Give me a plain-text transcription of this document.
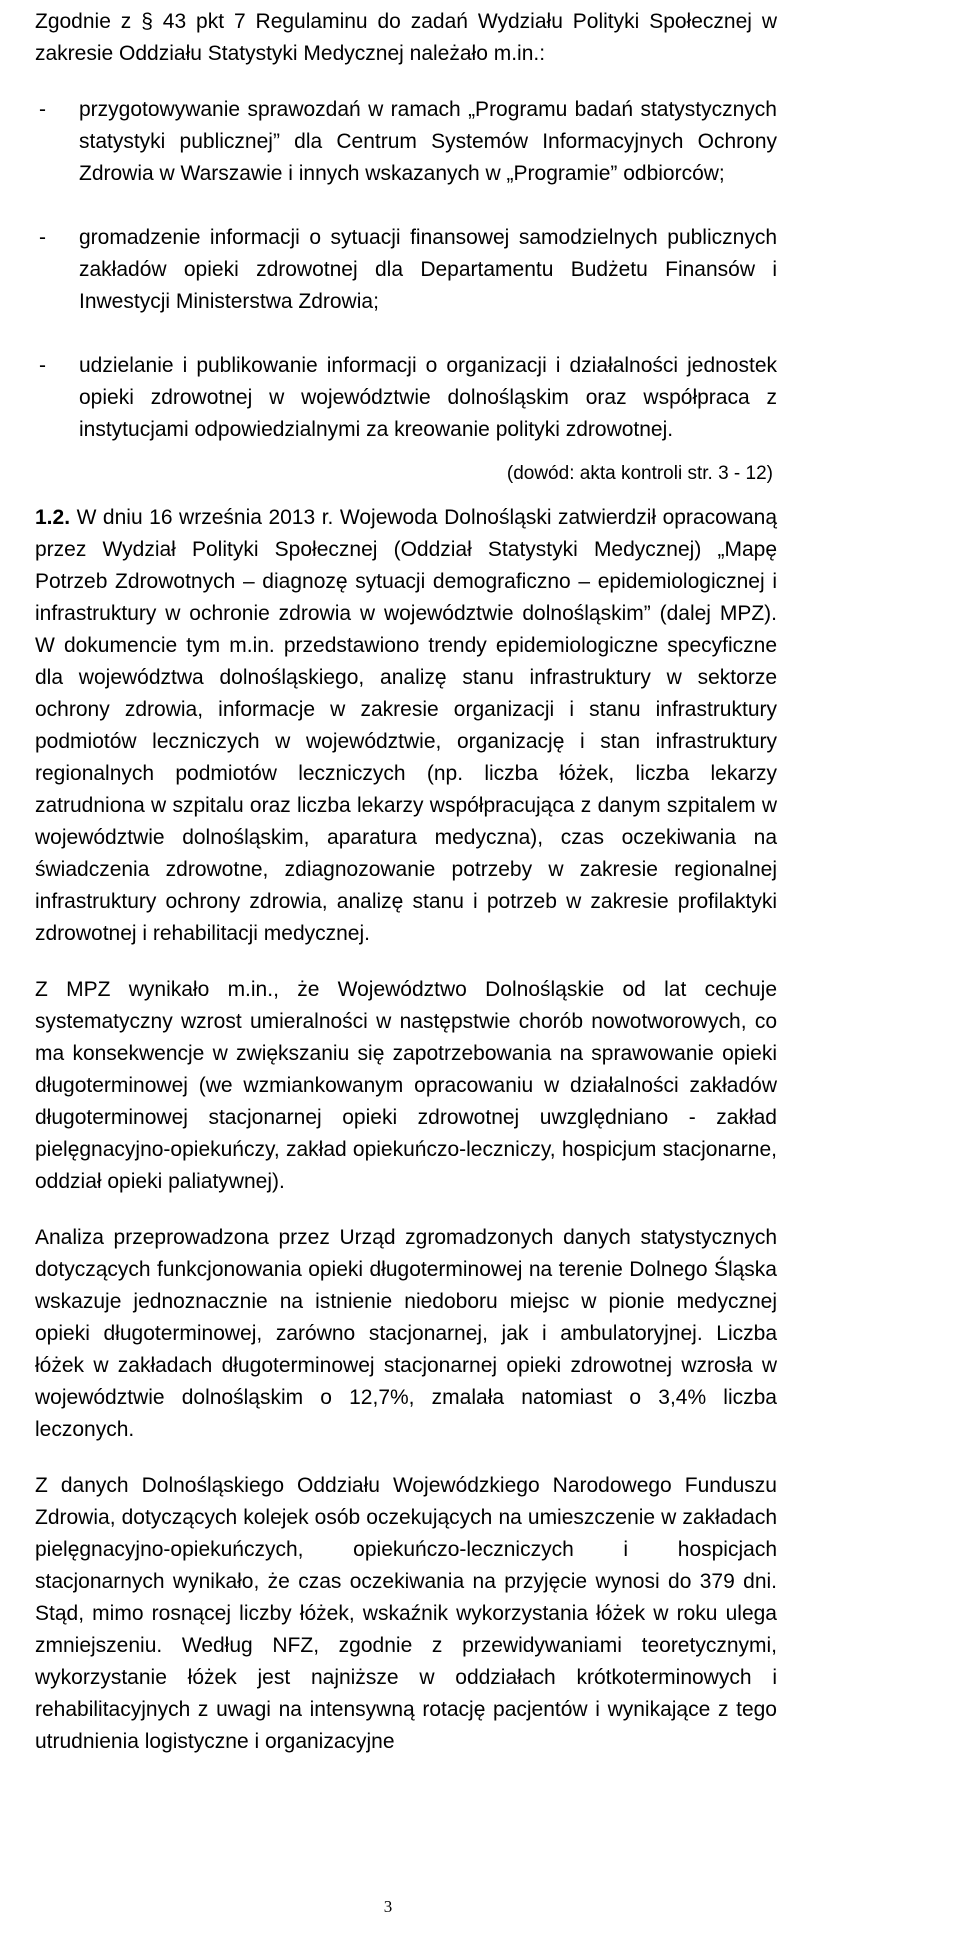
Zgodnie z § 43 pkt 7 Regulaminu do zadań Wydziału Polityki Społecznej w zakresie Oddziału Statystyki Medycznej należało m.in.:

- przygotowywanie sprawozdań w ramach „Programu badań statystycznych statystyki publicznej” dla Centrum Systemów Informacyjnych Ochrony Zdrowia w Warszawie i innych wskazanych w „Programie” odbiorców;
- gromadzenie informacji o sytuacji finansowej samodzielnych publicznych zakładów opieki zdrowotnej dla Departamentu Budżetu Finansów i Inwestycji Ministerstwa Zdrowia;
- udzielanie i publikowanie informacji o organizacji i działalności jednostek opieki zdrowotnej w województwie dolnośląskim oraz współpraca z instytucjami odpowiedzialnymi za kreowanie polityki zdrowotnej.
(dowód: akta kontroli str. 3 - 12)

1.2. W dniu 16 września 2013 r. Wojewoda Dolnośląski zatwierdził opracowaną przez Wydział Polityki Społecznej (Oddział Statystyki Medycznej) „Mapę Potrzeb Zdrowotnych – diagnozę sytuacji demograficzno – epidemiologicznej i infrastruktury w ochronie zdrowia w województwie dolnośląskim” (dalej MPZ). W dokumencie tym m.in. przedstawiono trendy epidemiologiczne specyficzne dla województwa dolnośląskiego, analizę stanu infrastruktury w sektorze ochrony zdrowia, informacje w zakresie organizacji i stanu infrastruktury podmiotów leczniczych w województwie, organizację i stan infrastruktury regionalnych podmiotów leczniczych (np. liczba łóżek, liczba lekarzy zatrudniona w szpitalu oraz liczba lekarzy współpracująca z danym szpitalem w województwie dolnośląskim, aparatura medyczna), czas oczekiwania na świadczenia zdrowotne, zdiagnozowanie potrzeby w zakresie regionalnej infrastruktury ochrony zdrowia, analizę stanu i potrzeb w zakresie profilaktyki zdrowotnej i rehabilitacji medycznej.

Z MPZ wynikało m.in., że Województwo Dolnośląskie od lat cechuje systematyczny wzrost umieralności w następstwie chorób nowotworowych, co ma konsekwencje w zwiększaniu się zapotrzebowania na sprawowanie opieki długoterminowej (we wzmiankowanym opracowaniu w działalności zakładów długoterminowej stacjonarnej opieki zdrowotnej uwzględniano - zakład pielęgnacyjno-opiekuńczy, zakład opiekuńczo-leczniczy, hospicjum stacjonarne, oddział opieki paliatywnej).

Analiza przeprowadzona przez Urząd zgromadzonych danych statystycznych dotyczących funkcjonowania opieki długoterminowej na terenie Dolnego Śląska wskazuje jednoznacznie na istnienie niedoboru miejsc w pionie medycznej opieki długoterminowej, zarówno stacjonarnej, jak i ambulatoryjnej. Liczba łóżek w zakładach długoterminowej stacjonarnej opieki zdrowotnej wzrosła w województwie dolnośląskim o 12,7%, zmalała natomiast o 3,4% liczba leczonych.

Z danych Dolnośląskiego Oddziału Wojewódzkiego Narodowego Funduszu Zdrowia, dotyczących kolejek osób oczekujących na umieszczenie w zakładach pielęgnacyjno-opiekuńczych, opiekuńczo-leczniczych i hospicjach stacjonarnych wynikało, że czas oczekiwania na przyjęcie wynosi do 379 dni. Stąd, mimo rosnącej liczby łóżek, wskaźnik wykorzystania łóżek w roku ulega zmniejszeniu. Według NFZ, zgodnie z przewidywaniami teoretycznymi, wykorzystanie łóżek jest najniższe w oddziałach krótkoterminowych i rehabilitacyjnych z uwagi na intensywną rotację pacjentów i wynikające z tego utrudnienia logistyczne i organizacyjne

3
